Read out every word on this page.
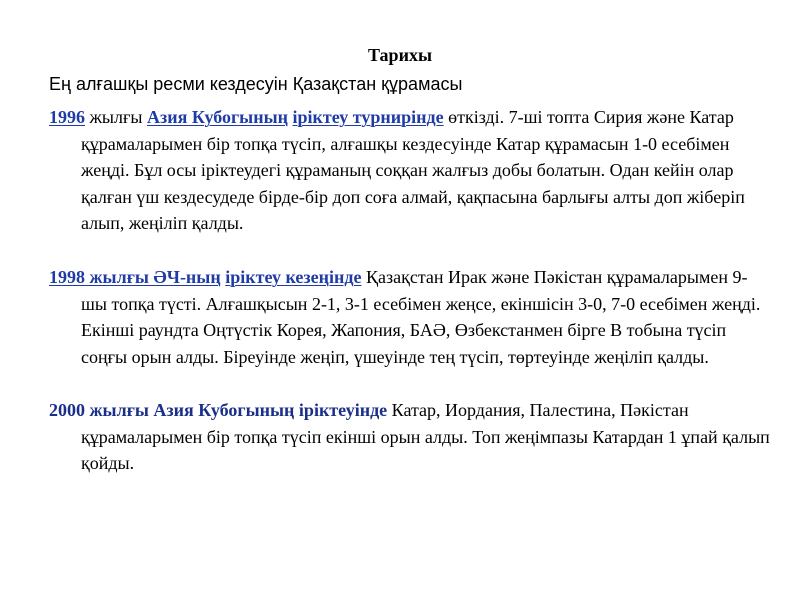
Тарихы
Ең алғашқы ресми кездесуін Қазақстан құрамасы

1996 жылғы Азия Кубогының іріктеу турнирінде өткізді. 7-ші топта Сирия және Катар құрамаларымен бір топқа түсіп, алғашқы кездесуінде Катар құрамасын 1-0 есебімен жеңді. Бұл осы іріктеудегі құраманың соққан жалғыз добы болатын. Одан кейін олар қалған үш кездесудеде бірде-бір доп соға алмай, қақпасына барлығы алты доп жіберіп алып, жеңіліп қалды.

1998 жылғы ӘЧ-ның іріктеу кезеңінде Қазақстан Ирак және Пәкістан құрамаларымен 9-шы топқа түсті. Алғашқысын 2-1, 3-1 есебімен жеңсе, екіншісін 3-0, 7-0 есебімен жеңді. Екінші раундта Оңтүстік Корея, Жапония, БАӘ, Өзбекстанмен бірге В тобына түсіп соңғы орын алды. Біреуінде жеңіп, үшеуінде тең түсіп, төртеуінде жеңіліп қалды.

2000 жылғы Азия Кубогының іріктеуінде Катар, Иордания, Палестина, Пәкістан құрамаларымен бір топқа түсіп екінші орын алды. Топ жеңімпазы Катардан 1 ұпай қалып қойды.
